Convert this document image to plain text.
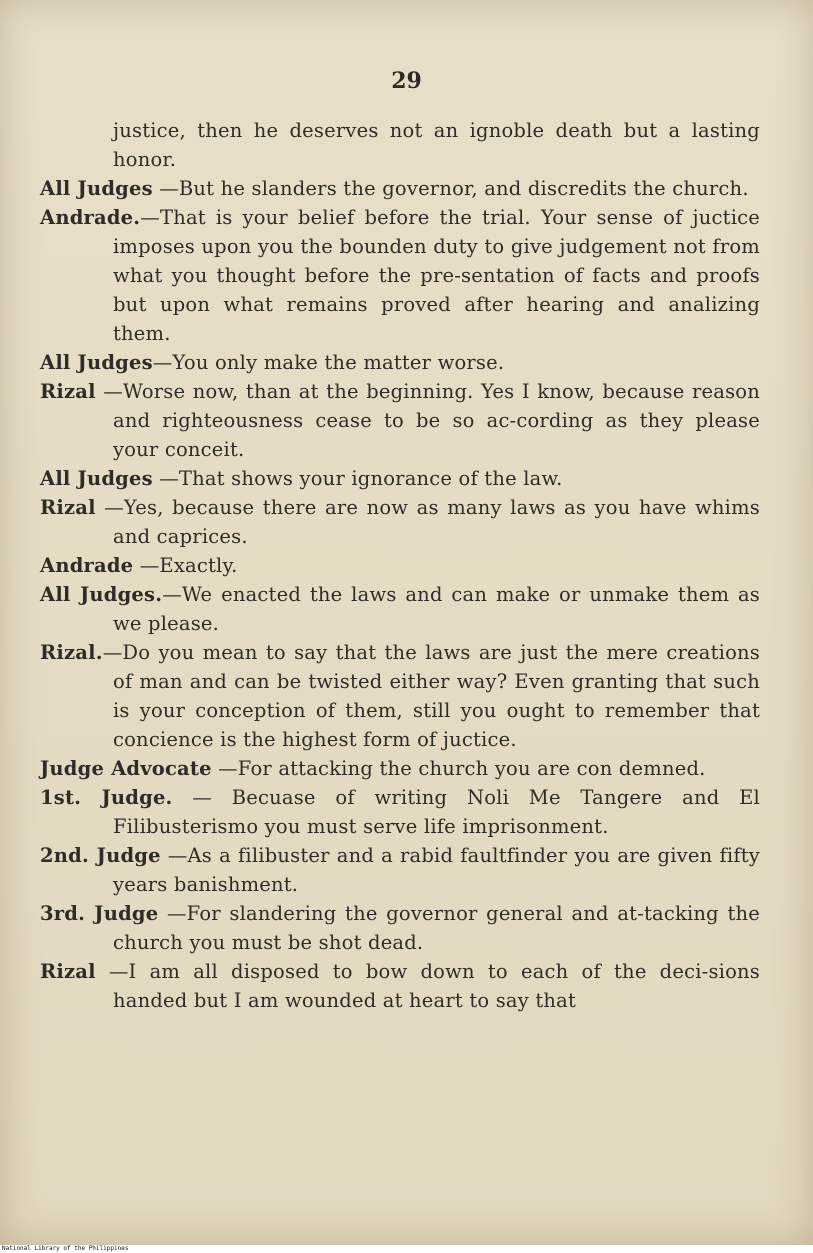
29
justice, then he deserves not an ignoble death but a lasting honor.
All Judges —But he slanders the governor, and discredits the church.
Andrade.—That is your belief before the trial. Your sense of juctiсe imposes upon you the bounden duty to give judgement not from what you thought before the pre-sentation of facts and proofs but upon what remains proved after hearing and analizing them.
All Judges—You only make the matter worse.
Rizal —Worse now, than at the beginning. Yes I know, because reason and righteousness cease to be so ac-cording as they please your conceit.
All Judges —That shows your ignorance of the law.
Rizal —Yes, because there are now as many laws as you have whims and caprices.
Andrade —Exactly.
All Judges.—We enacted the laws and can make or unmake them as we please.
Rizal.—Do you mean to say that the laws are just the mere creations of man and can be twisted either way? Even granting that such is your conception of them, still you ought to remember that concience is the highest form of juctice.
Judge Advocate —For attacking the church you are con demned.
1st. Judge. — Becuase of writing Noli Me Tangere and El Filibusterismo you must serve life imprisonment.
2nd. Judge —As a filibuster and a rabid faultfinder you are given fifty years banishment.
3rd. Judge —For slandering the governor general and at-tacking the church you must be shot dead.
Rizal —I am all disposed to bow down to each of the deci-sions handed but I am wounded at heart to say that
National Library of the Philippines
